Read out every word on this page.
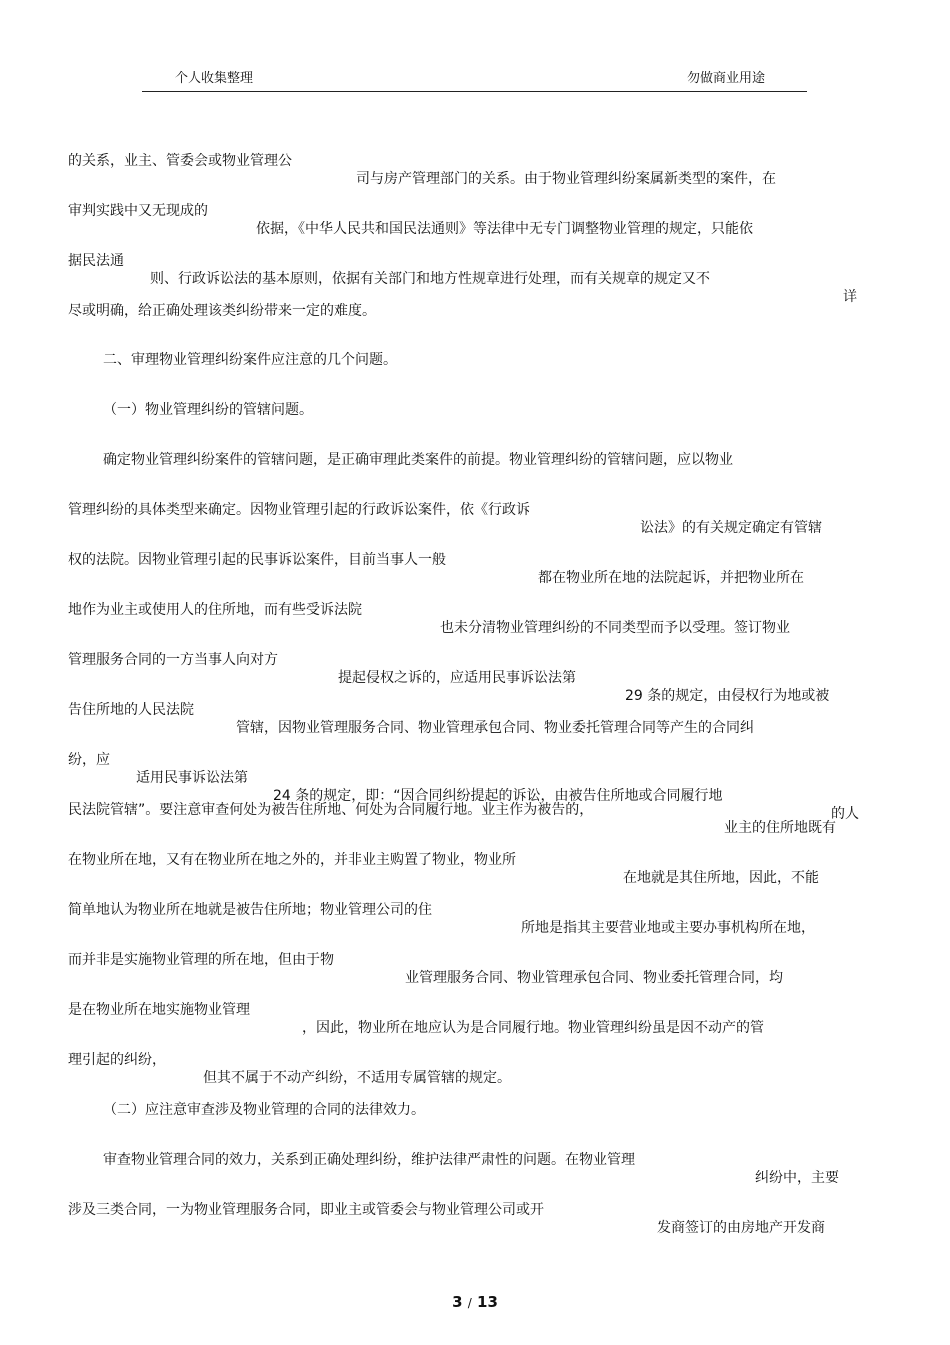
个人收集整理	勿做商业用途

的关系，业主、管委会或物业管理公

司与房产管理部门的关系。由于物业管理纠纷案属新类型的案件，在

审判实践中又无现成的

依据，《中华人民共和国民法通则》等法律中无专门调整物业管理的规定，只能依

据民法通

则、行政诉讼法的基本原则，依据有关部门和地方性规章进行处理，而有关规章的规定又不

详

尽或明确，给正确处理该类纠纷带来一定的难度。

二、审理物业管理纠纷案件应注意的几个问题。

（一）物业管理纠纷的管辖问题。

确定物业管理纠纷案件的管辖问题，是正确审理此类案件的前提。物业管理纠纷的管辖问题，应以物业

管理纠纷的具体类型来确定。因物业管理引起的行政诉讼案件，依《行政诉

讼法》的有关规定确定有管辖

权的法院。因物业管理引起的民事诉讼案件，目前当事人一般

都在物业所在地的法院起诉，并把物业所在

地作为业主或使用人的住所地，而有些受诉法院

也未分清物业管理纠纷的不同类型而予以受理。签订物业

管理服务合同的一方当事人向对方

提起侵权之诉的，应适用民事诉讼法第

29 条的规定，由侵权行为地或被

告住所地的人民法院

管辖，因物业管理服务合同、物业管理承包合同、物业委托管理合同等产生的合同纠

纷，应

适用民事诉讼法第

24 条的规定，即：“因合同纠纷提起的诉讼，由被告住所地或合同履行地

的人

民法院管辖”。要注意审查何处为被告住所地、何处为合同履行地。业主作为被告的，

业主的住所地既有

在物业所在地，又有在物业所在地之外的，并非业主购置了物业，物业所

在地就是其住所地，因此，不能

简单地认为物业所在地就是被告住所地；物业管理公司的住

所地是指其主要营业地或主要办事机构所在地，

而并非是实施物业管理的所在地，但由于物

业管理服务合同、物业管理承包合同、物业委托管理合同，均

是在物业所在地实施物业管理

，因此，物业所在地应认为是合同履行地。物业管理纠纷虽是因不动产的管

理引起的纠纷，

但其不属于不动产纠纷，不适用专属管辖的规定。

（二）应注意审查涉及物业管理的合同的法律效力。

审查物业管理合同的效力，关系到正确处理纠纷，维护法律严肃性的问题。在物业管理

纠纷中，主要

涉及三类合同，一为物业管理服务合同，即业主或管委会与物业管理公司或开

发商签订的由房地产开发商

3 / 13
